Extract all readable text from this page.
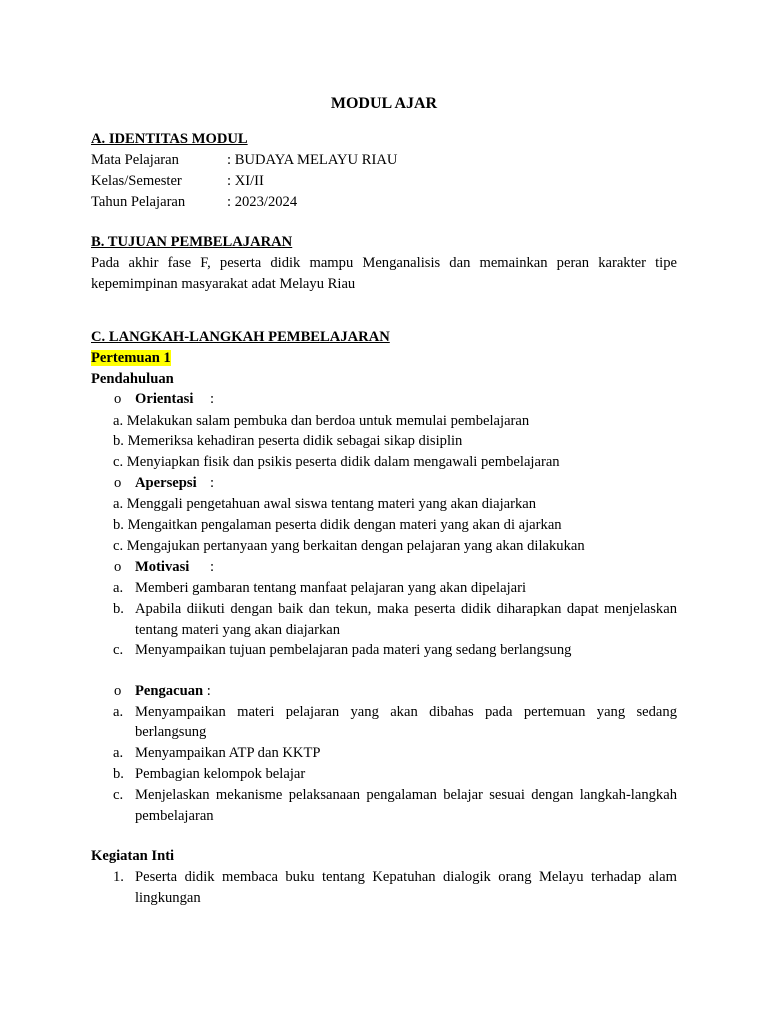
MODUL AJAR
A. IDENTITAS MODUL
Mata Pelajaran	: BUDAYA MELAYU RIAU
Kelas/Semester	: XI/II
Tahun Pelajaran	: 2023/2024
B. TUJUAN PEMBELAJARAN
Pada akhir fase F, peserta didik mampu Menganalisis dan memainkan peran karakter tipe
kepemimpinan masyarakat adat Melayu Riau
C. LANGKAH-LANGKAH PEMBELAJARAN
Pertemuan 1
Pendahuluan
o Orientasi :
a. Melakukan salam pembuka dan berdoa untuk memulai pembelajaran
b. Memeriksa kehadiran peserta didik sebagai sikap disiplin
c. Menyiapkan fisik dan psikis peserta didik dalam mengawali pembelajaran
o Apersepsi :
a. Menggali pengetahuan awal siswa tentang materi yang akan diajarkan
b. Mengaitkan pengalaman peserta didik dengan materi yang akan di ajarkan
c. Mengajukan pertanyaan yang berkaitan dengan pelajaran yang akan dilakukan
o Motivasi :
a. Memberi gambaran tentang manfaat pelajaran yang akan dipelajari
b. Apabila diikuti dengan baik dan tekun, maka peserta didik diharapkan dapat menjelaskan
tentang materi yang akan diajarkan
c. Menyampaikan tujuan pembelajaran pada materi yang sedang berlangsung
o Pengacuan :
a. Menyampaikan materi pelajaran yang akan dibahas pada pertemuan yang sedang
berlangsung
a. Menyampaikan ATP dan KKTP
b. Pembagian kelompok belajar
c. Menjelaskan mekanisme pelaksanaan pengalaman belajar sesuai dengan langkah-langkah
pembelajaran
Kegiatan Inti
1. Peserta didik membaca buku tentang Kepatuhan dialogik orang Melayu terhadap alam
lingkungan
